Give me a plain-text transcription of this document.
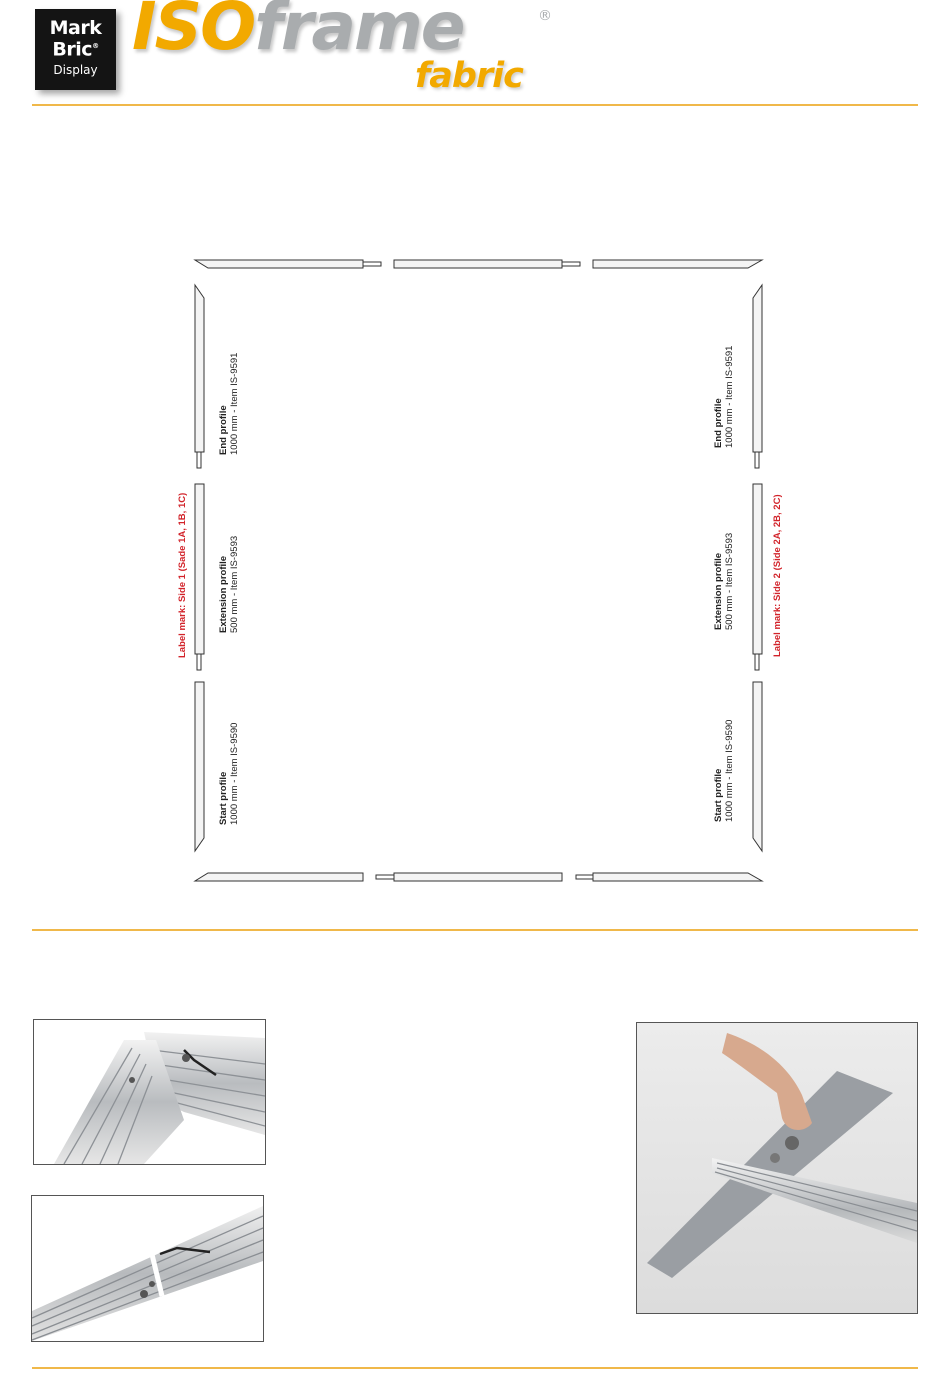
Mark
Bric®
Display
ISOframe	®
fabric
Label mark: Side 1 (Sade 1A, 1B, 1C)
End profile 1000 mm - Item IS-9591
Extension profile 500 mm - Item IS-9593
Start profile 1000 mm - Item IS-9590
End profile 1000 mm - Item IS-9591
Extension profile 500 mm - Item IS-9593
Start profile 1000 mm - Item IS-9590
Label mark: Side 2 (Side 2A, 2B, 2C)
